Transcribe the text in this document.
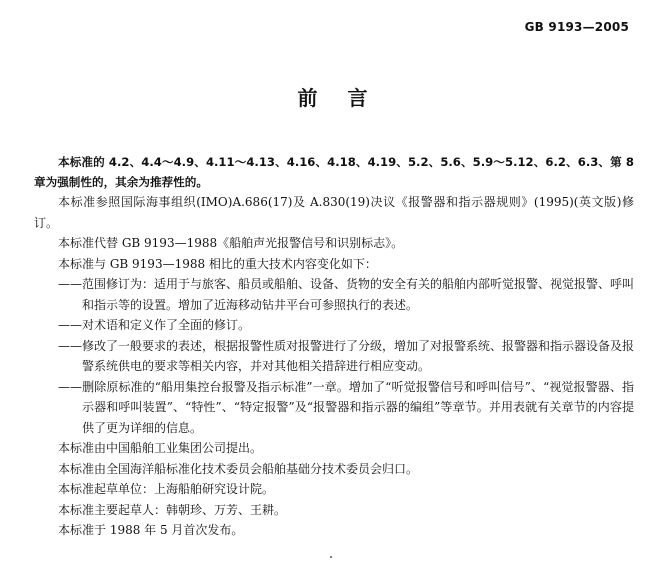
GB 9193—2005
前言

本标准的 4.2、4.4～4.9、4.11～4.13、4.16、4.18、4.19、5.2、5.6、5.9～5.12、6.2、6.3、第 8 章为强制性的，其余为推荐性的。

本标准参照国际海事组织(IMO)A.686(17)及 A.830(19)决议《报警器和指示器规则》(1995)(英文版)修订。

本标准代替 GB 9193—1988《船舶声光报警信号和识别标志》。

本标准与 GB 9193—1988 相比的重大技术内容变化如下：

——范围修订为：适用于与旅客、船员或船舶、设备、货物的安全有关的船舶内部听觉报警、视觉报警、呼叫和指示等的设置。增加了近海移动钻井平台可参照执行的表述。

——对术语和定义作了全面的修订。

——修改了一般要求的表述，根据报警性质对报警进行了分级，增加了对报警系统、报警器和指示器设备及报警系统供电的要求等相关内容，并对其他相关措辞进行相应变动。

——删除原标准的“船用集控台报警及指示标准”一章。增加了“听觉报警信号和呼叫信号”、“视觉报警器、指示器和呼叫装置”、“特性”、“特定报警”及“报警器和指示器的编组”等章节。并用表就有关章节的内容提供了更为详细的信息。

本标准由中国船舶工业集团公司提出。

本标准由全国海洋船标准化技术委员会船舶基础分技术委员会归口。

本标准起草单位：上海船舶研究设计院。

本标准主要起草人：韩朝珍、万芳、王耕。

本标准于 1988 年 5 月首次发布。
